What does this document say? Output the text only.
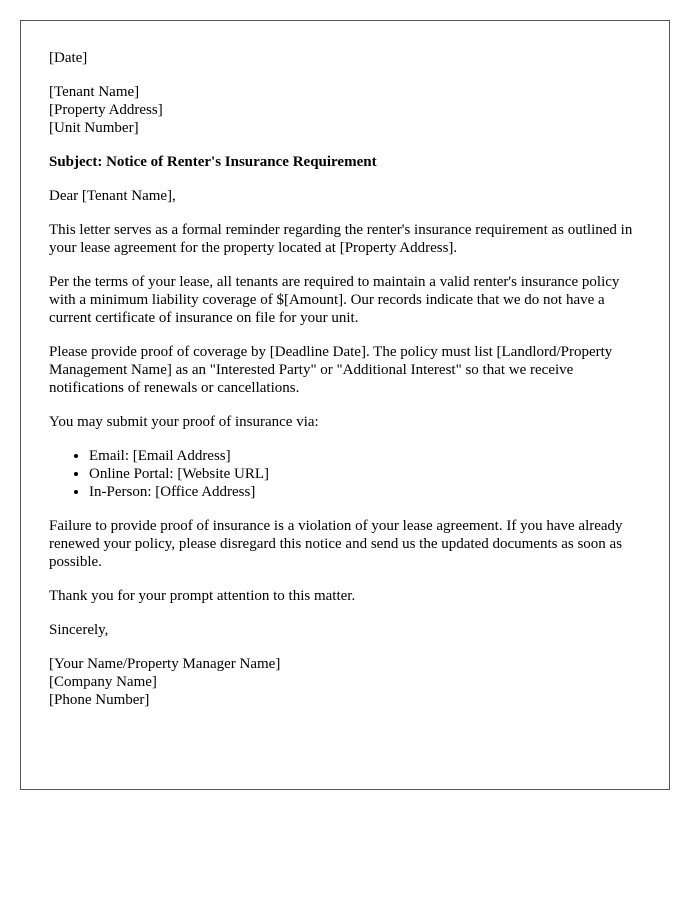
[Date]
[Tenant Name]
[Property Address]
[Unit Number]

Subject: Notice of Renter's Insurance Requirement

Dear [Tenant Name],

This letter serves as a formal reminder regarding the renter's insurance requirement as outlined in your lease agreement for the property located at [Property Address].

Per the terms of your lease, all tenants are required to maintain a valid renter's insurance policy with a minimum liability coverage of $[Amount]. Our records indicate that we do not have a current certificate of insurance on file for your unit.

Please provide proof of coverage by [Deadline Date]. The policy must list [Landlord/Property Management Name] as an "Interested Party" or "Additional Interest" so that we receive notifications of renewals or cancellations.

You may submit your proof of insurance via:

• Email: [Email Address]
• Online Portal: [Website URL]
• In-Person: [Office Address]

Failure to provide proof of insurance is a violation of your lease agreement. If you have already renewed your policy, please disregard this notice and send us the updated documents as soon as possible.

Thank you for your prompt attention to this matter.

Sincerely,

[Your Name/Property Manager Name]
[Company Name]
[Phone Number]
